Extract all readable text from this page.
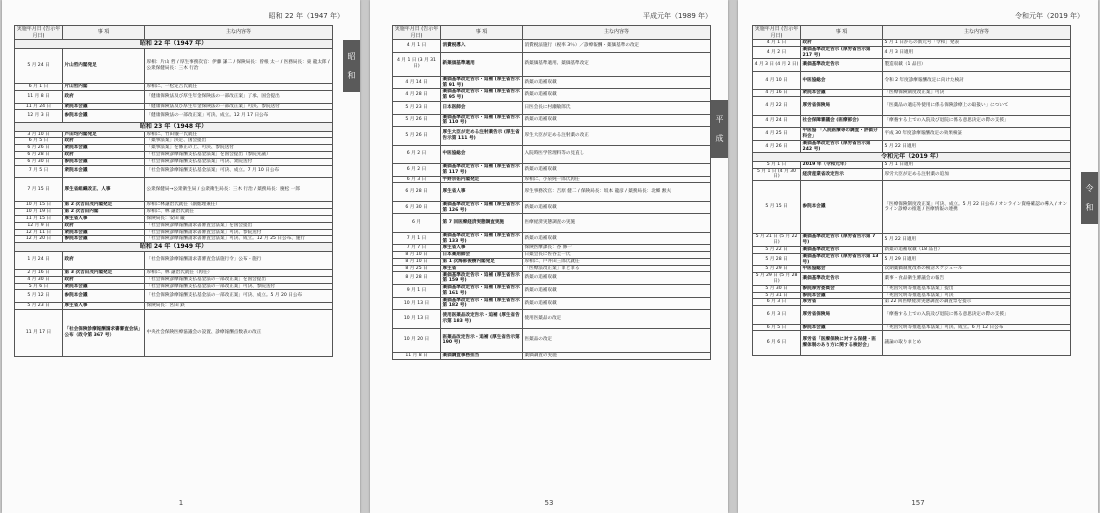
昭和 22 年（1947 年）
昭
和
実施年月日 (告示年月日)	事 項	主な内容等
昭和 22 年（1947 年）		
5 月 24 日	片山哲内閣発足	厚相：片山 哲 / 厚生事務次官：伊藤 謙二 / 保険局長：曾根 太一 / 医務局長：東 龍太郎 / 公衆保健局長：三木 行治
6 月 1 日	片山哲内閣	厚相に、一松定吉氏就任
11 月 8 日	政府	「健康保険法及び厚生年金保険法の一部改正案」了承、国会提出
11 月 24 日	衆院本会議	「健康保険法及び厚生年金保険法の一部改正案」可決、参院送付
12 月 3 日	参院本会議	「健康保険法の一部改正案」可決、成立。12 月 17 日公布
昭和 23 年（1948 年）		
3 月 10 日	芦田均内閣発足	厚相に、竹田儀一氏就任
6 月 5 日	政府	「薬事法案」決定、国会提出
6 月 26 日	衆院本会議	「薬事法案」を修正の上、可決、参院送付
6 月 28 日	政府	「社会保険診療報酬支払基金法案」を国会提出（参院先議）
6 月 30 日	参院本会議	「社会保険診療報酬支払基金法案」可決、衆院送付
7 月 5 日	衆院本会議	「社会保険診療報酬支払基金法案」可決、成立。7 月 10 日公布
7 月 15 日	厚生省組織改正、人事	公衆保健局→公衆衛生局 / 公衆衛生局長：三木 行治 / 薬務局長：慶松 一郎
10 月 15 日	第 2 次吉田茂内閣発足	厚相に林譲治氏就任（副総理兼任）
10 月 19 日	第 2 次吉田内閣	厚相に、林 譲治氏就任
11 月 15 日	厚生省人事	保険局長：安田 巌
12 月 9 日	政府	「社会保険診療報酬請求書審査会法案」を国会提出
12 月 11 日	衆院本会議	「社会保険診療報酬請求書審査会法案」可決、参院送付
12 月 20 日	参院本会議	「社会保険診療報酬請求書審査会法案」可決、成立。12 月 25 日公布、施行
昭和 24 年（1949 年）		
1 月 24 日	政府	「社会保険診療報酬請求書審査会法施行令」公布・施行
2 月 16 日	第 3 次吉田茂内閣発足	厚相に、林 譲治氏就任（再任）
4 月 30 日	政府	「社会保険診療報酬支払基金法の一部改正案」を国会提出
5 月 6 日	衆院本会議	「社会保険診療報酬支払基金法の一部改正案」可決、参院送付
5 月 12 日	参院本会議	「社会保険診療報酬支払基金法の一部改正案」可決、成立。5 月 20 日公布
5 月 23 日	厚生省人事	保険局長：宮田 鉄
11 月 17 日	「社会保険診療報酬請求書審査会法」公布（政令第 367 号）	中央社会保険医療協議会の設置、診療報酬点数表の改正
1
平成元年（1989 年）
平
成
実施年月日 (告示年月日)	事 項	主な内容等
4 月 1 日	消費税導入	消費税法施行（税率 3％）／診療報酬・薬価基準の改定
4 月 1 日 (3 月 31 日)	新薬価基準適用	新薬価基準適用、薬価基準改定
4 月 14 日	薬価基準改定告示・追補 (厚生省告示第 91 号)	新薬の追補収載
4 月 28 日	薬価基準改定告示・追補 (厚生省告示第 95 号)	新薬の追補収載
5 月 23 日	日本医師会	日医会長に村瀬敏郎氏
5 月 26 日	薬価基準改定告示・追補 (厚生省告示第 110 号)	新薬の追補収載
5 月 26 日	厚生大臣が定める注射薬告示 (厚生省告示第 111 号)	厚生大臣が定める注射薬の改正
6 月 2 日	中医協総会	入院時医学管理料等の見直し
6 月 2 日	薬価基準改定告示・追補 (厚生省告示第 117 号)	新薬の追補収載
6 月 3 日	宇野宗佑内閣発足	厚相に、小泉純一郎氏再任
6 月 28 日	厚生省人事	厚生事務次官：吉原 健二 / 保険局長：坂本 龍彦 / 薬務局長：北郷 勲夫
6 月 30 日	薬価基準改定告示・追補 (厚生省告示第 126 号)	新薬の追補収載
6 月	第 7 回医療経済実態調査実施	医療経済実態調査の実施
7 月 1 日	薬価基準改定告示・追補 (厚生省告示第 133 号)	新薬の追補収載
7 月 7 日	厚生省人事	保険医療課長：谷 修一
8 月 10 日	日本薬剤師会	日薬会長に佐谷圭一氏
8 月 10 日	第 1 次海部俊樹内閣発足	厚相に、戸井田三郎氏就任
8 月 25 日	厚生省	「医療法改正案」まとまる
8 月 28 日	薬価基準改定告示・追補 (厚生省告示第 159 号)	新薬の追補収載
9 月 1 日	薬価基準改定告示・追補 (厚生省告示第 161 号)	新薬の追補収載
10 月 13 日	薬価基準改定告示・追補 (厚生省告示第 182 号)	新薬の追補収載
10 月 13 日	使用医薬品改定告示・追補 (厚生省告示第 183 号)	使用医薬品の改定
10 月 20 日	医薬品改定告示・追補 (厚生省告示第 190 号)	医薬品の改定
11 月 8 日	薬価調査事務担当	薬価調査の実施
53
令和元年（2019 年）
令
和
実施年月日 (告示年月日)	事 項	主な内容等
4 月 1 日	政府	5 月 1 日からの新元号「令和」発表
4 月 2 日	薬価基準改定告示 (厚労省告示第 217 号)	4 月 3 日適用
4 月 3 日 (4 月 2 日)	薬価基準改定告示	製造収載（1 品目）
4 月 10 日	中医協総会	令和 2 年度診療報酬改定に向けた検討
4 月 16 日	衆院本会議	「医療保険制度改正案」可決
4 月 22 日	厚労省保険局	「医薬品の適応外使用に係る保険診療上の取扱い」について
4 月 24 日	社会保障審議会 (医療部会)	「療養する上での入院及び退院に係る意思決定の際の支援」
4 月 25 日	中医協 「入院医療等の調査・評価分科会」	平成 30 年度診療報酬改定の効果検証
4 月 26 日	薬価基準改定告示 (厚労省告示第 242 号)	5 月 22 日適用
令和元年（2019 年）		
5 月 1 日	2019 年（令和元年）	5 月 1 日適用
5 月 1 日 (4 月 30 日)	経済産業省改定告示	厚労大臣が定める注射薬の追加
5 月 15 日	参院本会議	「医療保険制度改正案」可決、成立。5 月 22 日公布 / オンライン資格確認の導入 / オンライン診療の推進 / 医療情報の連携
5 月 21 日 (5 月 22 日)	薬価基準改定告示 (厚労省告示第 7 号)	5 月 22 日適用
5 月 22 日	薬価基準改定告示	新薬の追補収載（18 品目）
5 月 28 日	薬価基準改定告示 (厚労省告示第 13 号)	5 月 29 日適用
5 月 29 日	中医協総会	次期薬価制度改革の検討スケジュール
5 月 29 日 (5 月 28 日)	薬価基準改定告示	薬事・食品衛生審議会の報告
5 月 30 日	参院厚労委員会	「死因究明等推進基本法案」提出
5 月 31 日	参院本会議	「死因究明等推進基本法案」可決
6 月 3 日	厚労省	第 22 回医療経済実態調査の調査票を提示
6 月 3 日	厚労省保険局	「療養する上での入院及び退院に係る意思決定の際の支援」
6 月 5 日	参院本会議	「死因究明等推進基本法案」可決、成立。6 月 12 日公布
6 月 6 日	厚労省「医療保険に対する保健・医療体制のあり方に関する検討会」	議論の取りまとめ
157
